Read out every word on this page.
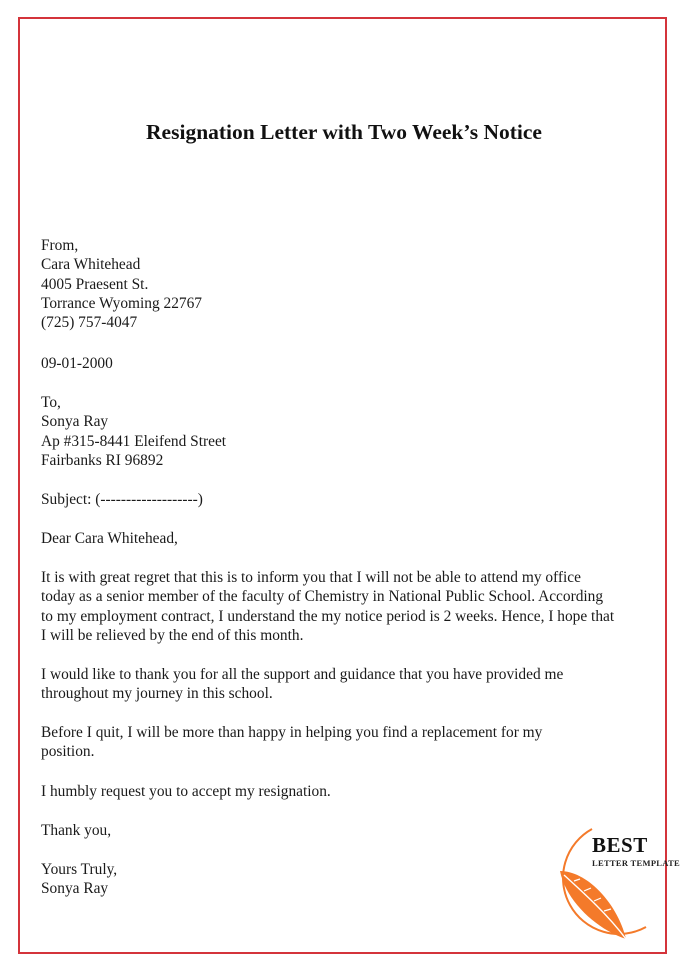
Resignation Letter with Two Week’s Notice
From,
Cara Whitehead
4005 Praesent St.
Torrance Wyoming 22767
(725) 757-4047
09-01-2000
To,
Sonya Ray
Ap #315-8441 Eleifend Street
Fairbanks RI 96892
Subject: (-------------------)
Dear Cara Whitehead,
It is with great regret that this is to inform you that I will not be able to attend my office
today as a senior member of the faculty of Chemistry in National Public School. According
to my employment contract, I understand the my notice period is 2 weeks. Hence, I hope that
I will be relieved by the end of this month.
I would like to thank you for all the support and guidance that you have provided me
throughout my journey in this school.
Before I quit, I will be more than happy in helping you find a replacement for my
position.
I humbly request you to accept my resignation.
Thank you,
Yours Truly,
Sonya Ray
BEST
LETTER TEMPLATE
